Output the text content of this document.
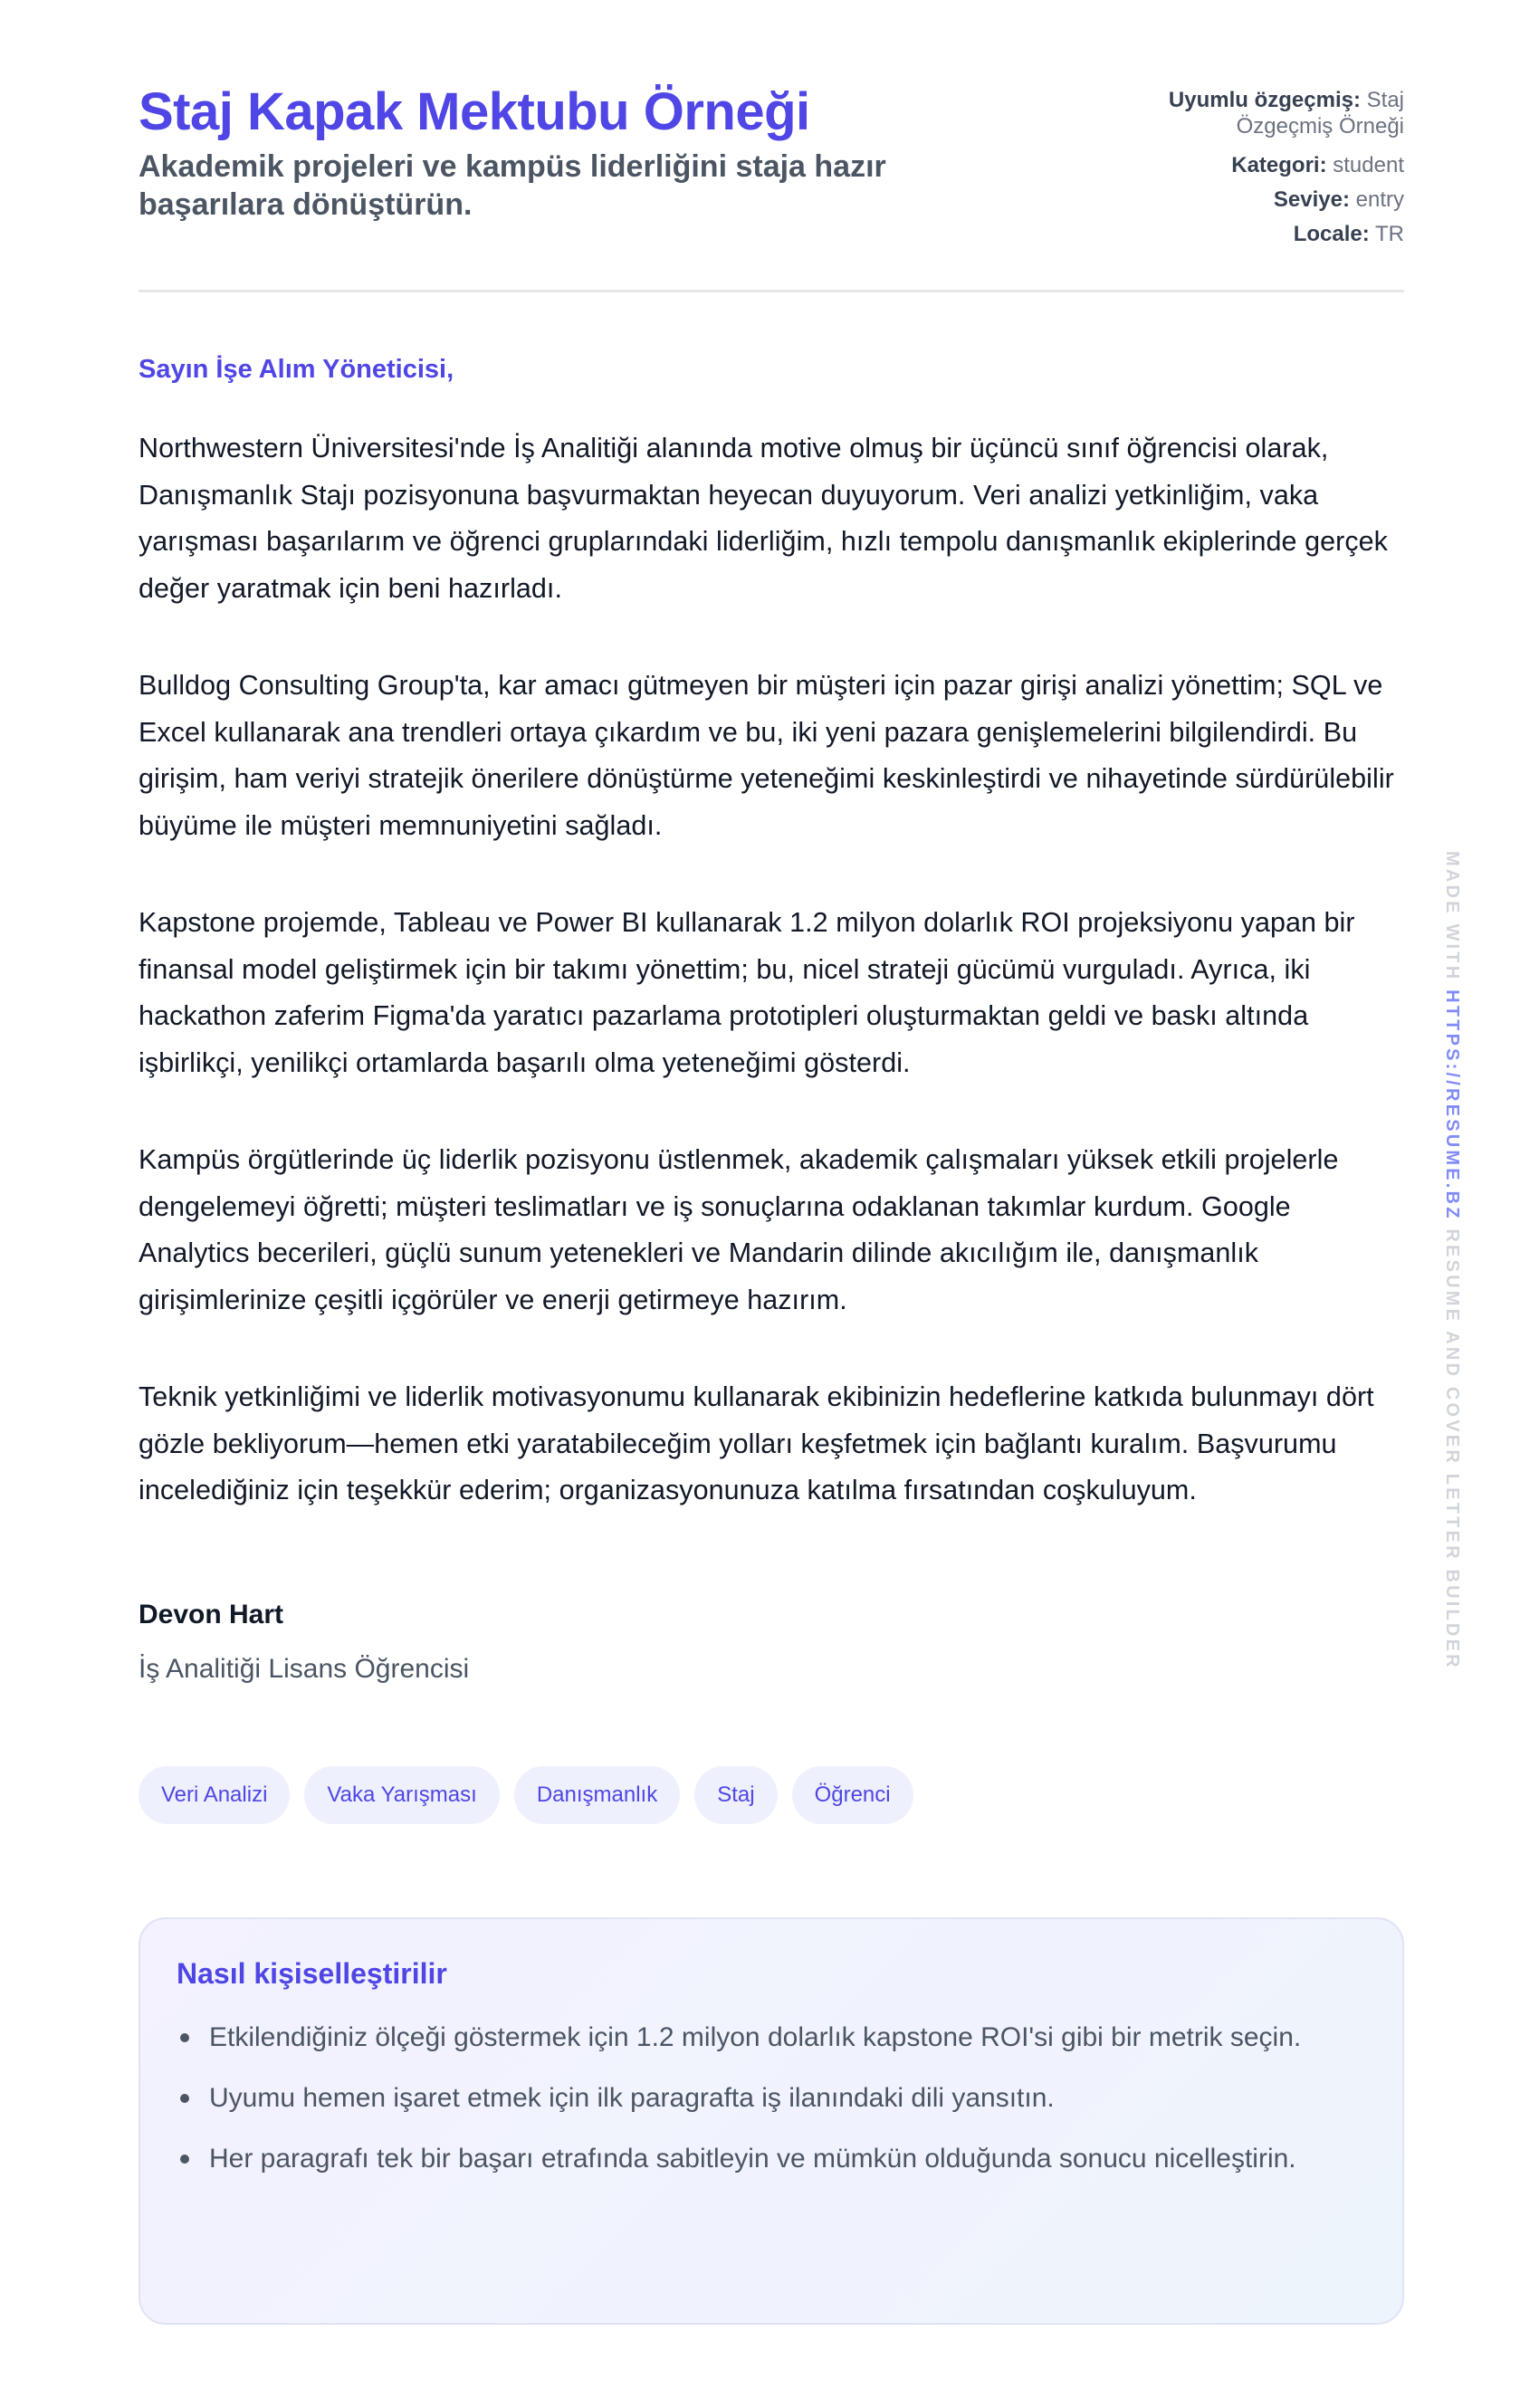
Staj Kapak Mektubu Örneği

Akademik projeleri ve kampüs liderliğini staja hazır başarılara dönüştürün.

Uyumlu özgeçmiş: Staj Özgeçmiş Örneği

Kategori: student

Seviye: entry

Locale: TR

Sayın İşe Alım Yöneticisi,

Northwestern Üniversitesi'nde İş Analitiği alanında motive olmuş bir üçüncü sınıf öğrencisi olarak, Danışmanlık Stajı pozisyonuna başvurmaktan heyecan duyuyorum. Veri analizi yetkinliğim, vaka yarışması başarılarım ve öğrenci gruplarındaki liderliğim, hızlı tempolu danışmanlık ekiplerinde gerçek değer yaratmak için beni hazırladı.

Bulldog Consulting Group'ta, kar amacı gütmeyen bir müşteri için pazar girişi analizi yönettim; SQL ve Excel kullanarak ana trendleri ortaya çıkardım ve bu, iki yeni pazara genişlemelerini bilgilendirdi. Bu girişim, ham veriyi stratejik önerilere dönüştürme yeteneğimi keskinleştirdi ve nihayetinde sürdürülebilir büyüme ile müşteri memnuniyetini sağladı.

Kapstone projemde, Tableau ve Power BI kullanarak 1.2 milyon dolarlık ROI projeksiyonu yapan bir finansal model geliştirmek için bir takımı yönettim; bu, nicel strateji gücümü vurguladı. Ayrıca, iki hackathon zaferim Figma'da yaratıcı pazarlama prototipleri oluşturmaktan geldi ve baskı altında işbirlikçi, yenilikçi ortamlarda başarılı olma yeteneğimi gösterdi.

Kampüs örgütlerinde üç liderlik pozisyonu üstlenmek, akademik çalışmaları yüksek etkili projelerle dengelemeyi öğretti; müşteri teslimatları ve iş sonuçlarına odaklanan takımlar kurdum. Google Analytics becerileri, güçlü sunum yetenekleri ve Mandarin dilinde akıcılığım ile, danışmanlık girişimlerinize çeşitli içgörüler ve enerji getirmeye hazırım.

Teknik yetkinliğimi ve liderlik motivasyonumu kullanarak ekibinizin hedeflerine katkıda bulunmayı dört gözle bekliyorum—hemen etki yaratabileceğim yolları keşfetmek için bağlantı kuralım. Başvurumu incelediğiniz için teşekkür ederim; organizasyonunuza katılma fırsatından coşkuluyum.

Devon Hart

İş Analitiği Lisans Öğrencisi

Veri Analizi	Vaka Yarışması	Danışmanlık	Staj	Öğrenci
Nasıl kişiselleştirilir
Etkilendiğiniz ölçeği göstermek için 1.2 milyon dolarlık kapstone ROI'si gibi bir metrik seçin.
Uyumu hemen işaret etmek için ilk paragrafta iş ilanındaki dili yansıtın.
Her paragrafı tek bir başarı etrafında sabitleyin ve mümkün olduğunda sonucu nicelleştirin.
MADE WITH HTTPS://RESUME.BZ RESUME AND COVER LETTER BUILDER
